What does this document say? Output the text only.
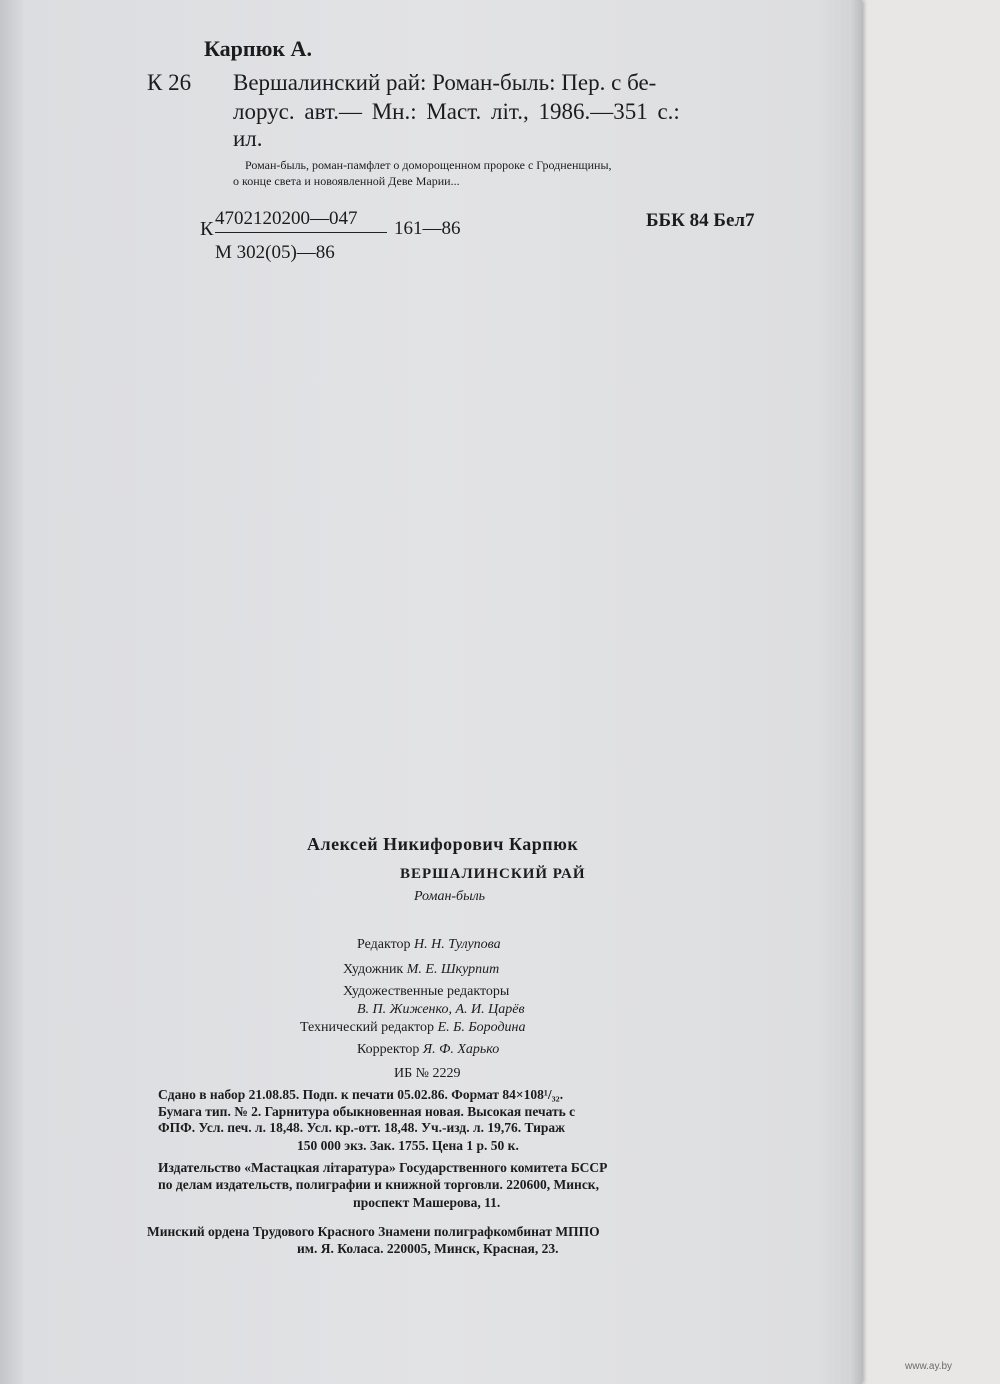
Карпюк А.
К 26 Вершалинский рай: Роман-быль: Пер. с бе-
лорус. авт.— Мн.: Маст. літ., 1986.—351 с.:
ил.
Роман-быль, роман-памфлет о доморощенном пророке с Гродненщины,
о конце света и новоявленной Деве Марии...
К 4702120200—047 161—86
М 302(05)—86
ББК 84 Бел7
Алексей Никифорович Карпюк
ВЕРШАЛИНСКИЙ РАЙ
Роман-быль
Редактор Н. Н. Тулупова
Художник М. Е. Шкурпит
Художественные редакторы
В. П. Жиженко, А. И. Царёв
Технический редактор Е. Б. Бородина
Корректор Я. Ф. Харько
ИБ № 2229
Сдано в набор 21.08.85. Подп. к печати 05.02.86. Формат 84×108¹/₃₂.
Бумага тип. № 2. Гарнитура обыкновенная новая. Высокая печать с
ФПФ. Усл. печ. л. 18,48. Усл. кр.-отт. 18,48. Уч.-изд. л. 19,76. Тираж
150 000 экз. Зак. 1755. Цена 1 р. 50 к.
Издательство «Мастацкая літаратура» Государственного комитета БССР
по делам издательств, полиграфии и книжной торговли. 220600, Минск,
проспект Машерова, 11.
Минский ордена Трудового Красного Знамени полиграфкомбинат МППО
им. Я. Коласа. 220005, Минск, Красная, 23.
www.ay.by
